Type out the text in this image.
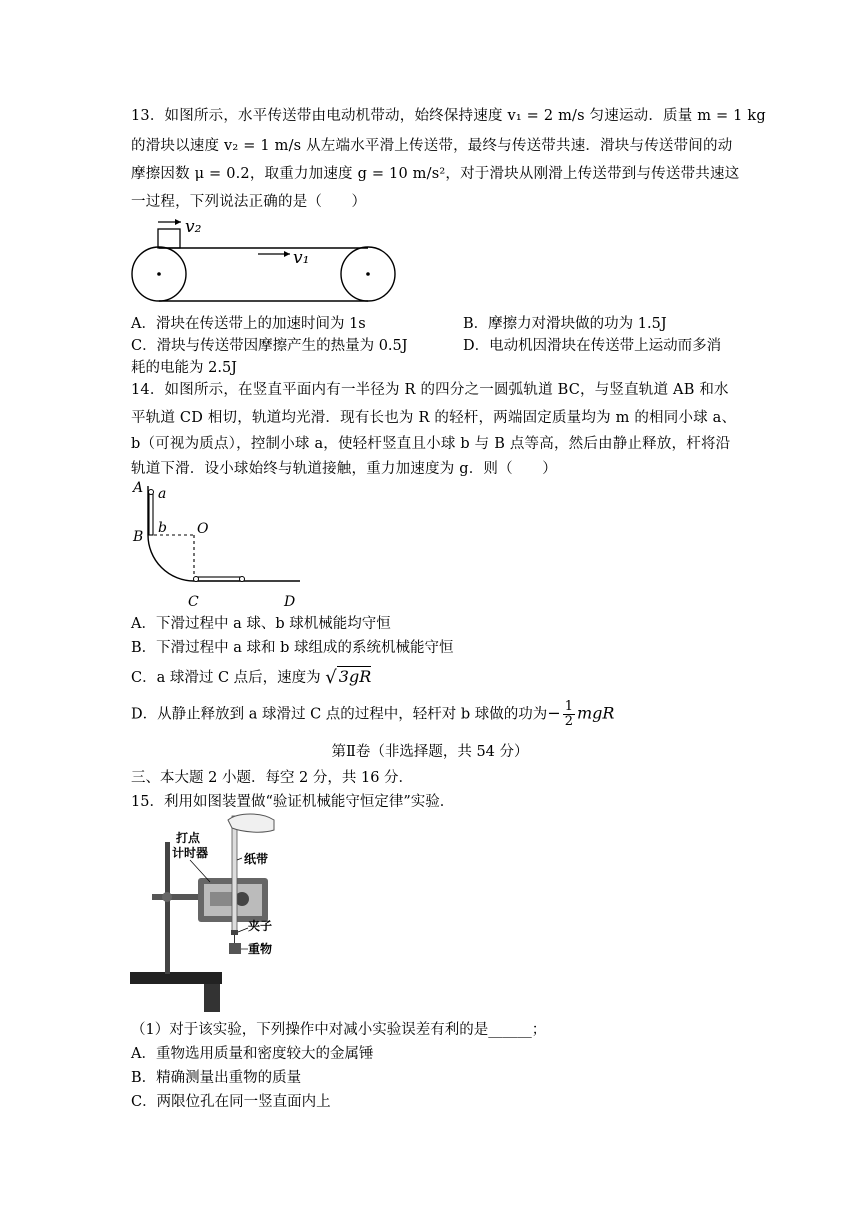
13．如图所示，水平传送带由电动机带动，始终保持速度 v₁ = 2 m/s 匀速运动．质量 m = 1 kg
的滑块以速度 v₂ = 1 m/s 从左端水平滑上传送带，最终与传送带共速．滑块与传送带间的动
摩擦因数 μ = 0.2，取重力加速度 g = 10 m/s²，对于滑块从刚滑上传送带到与传送带共速这
一过程，下列说法正确的是（　　）
v₂
v₁
A．滑块在传送带上的加速时间为 1s	B．摩擦力对滑块做的功为 1.5J
C．滑块与传送带因摩擦产生的热量为 0.5J	D．电动机因滑块在传送带上运动而多消
耗的电能为 2.5J
14．如图所示，在竖直平面内有一半径为 R 的四分之一圆弧轨道 BC，与竖直轨道 AB 和水
平轨道 CD 相切，轨道均光滑．现有长也为 R 的轻杆，两端固定质量均为 m 的相同小球 a、
b（可视为质点），控制小球 a，使轻杆竖直且小球 b 与 B 点等高，然后由静止释放，杆将沿
轨道下滑．设小球始终与轨道接触，重力加速度为 g．则（　　）
A a
B
b O
C	D
A．下滑过程中 a 球、b 球机械能均守恒
B．下滑过程中 a 球和 b 球组成的系统机械能守恒
C．a 球滑过 C 点后，速度为 √ 3gR
D．从静止释放到 a 球滑过 C 点的过程中，轻杆对 b 球做的功为− $\frac{1}{2}$ mgR
第Ⅱ卷（非选择题，共 54 分）
三、本大题 2 小题．每空 2 分，共 16 分．
15．利用如图装置做“验证机械能守恒定律”实验．
打点
计时器	纸带
夹子
重物
（1）对于该实验，下列操作中对减小实验误差有利的是______；
A．重物选用质量和密度较大的金属锤
B．精确测量出重物的质量
C．两限位孔在同一竖直面内上
